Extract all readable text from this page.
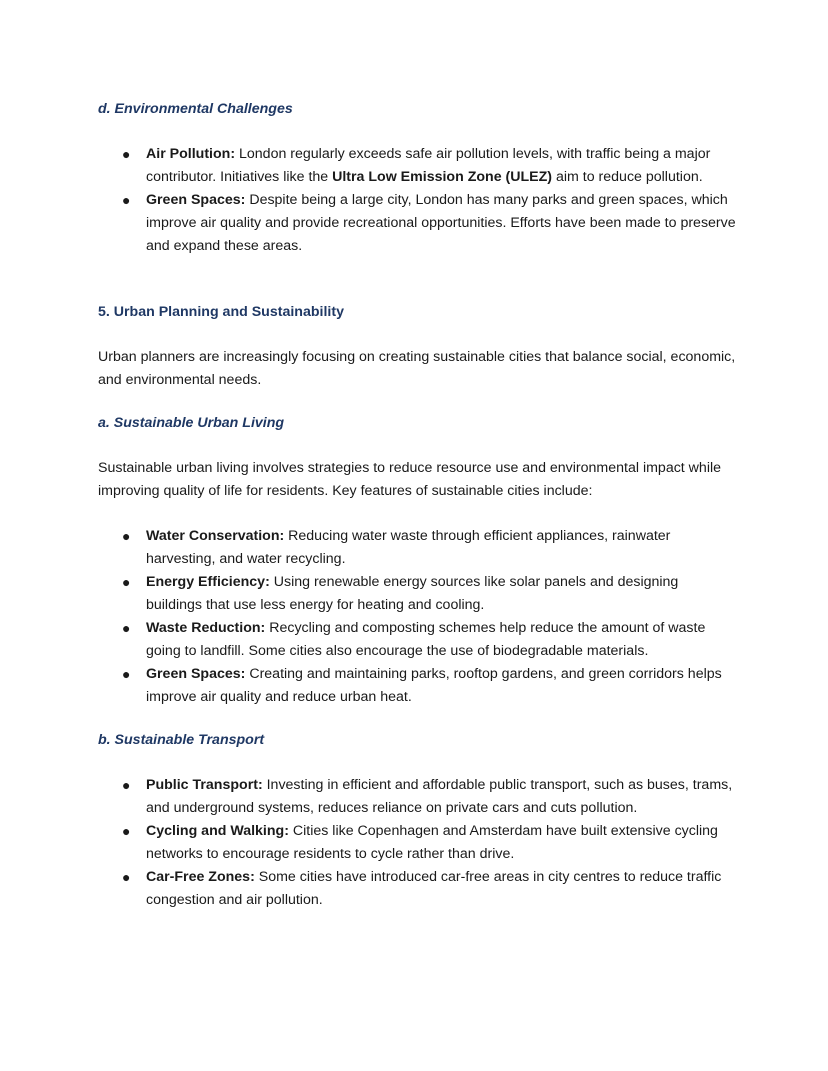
d. Environmental Challenges
● Air Pollution: London regularly exceeds safe air pollution levels, with traffic being a major contributor. Initiatives like the Ultra Low Emission Zone (ULEZ) aim to reduce pollution.
● Green Spaces: Despite being a large city, London has many parks and green spaces, which improve air quality and provide recreational opportunities. Efforts have been made to preserve and expand these areas.
5. Urban Planning and Sustainability

Urban planners are increasingly focusing on creating sustainable cities that balance social, economic, and environmental needs.

a. Sustainable Urban Living

Sustainable urban living involves strategies to reduce resource use and environmental impact while improving quality of life for residents. Key features of sustainable cities include:

● Water Conservation: Reducing water waste through efficient appliances, rainwater harvesting, and water recycling.
● Energy Efficiency: Using renewable energy sources like solar panels and designing buildings that use less energy for heating and cooling.
● Waste Reduction: Recycling and composting schemes help reduce the amount of waste going to landfill. Some cities also encourage the use of biodegradable materials.
● Green Spaces: Creating and maintaining parks, rooftop gardens, and green corridors helps improve air quality and reduce urban heat.
b. Sustainable Transport
● Public Transport: Investing in efficient and affordable public transport, such as buses, trams, and underground systems, reduces reliance on private cars and cuts pollution.
● Cycling and Walking: Cities like Copenhagen and Amsterdam have built extensive cycling networks to encourage residents to cycle rather than drive.
● Car-Free Zones: Some cities have introduced car-free areas in city centres to reduce traffic congestion and air pollution.
